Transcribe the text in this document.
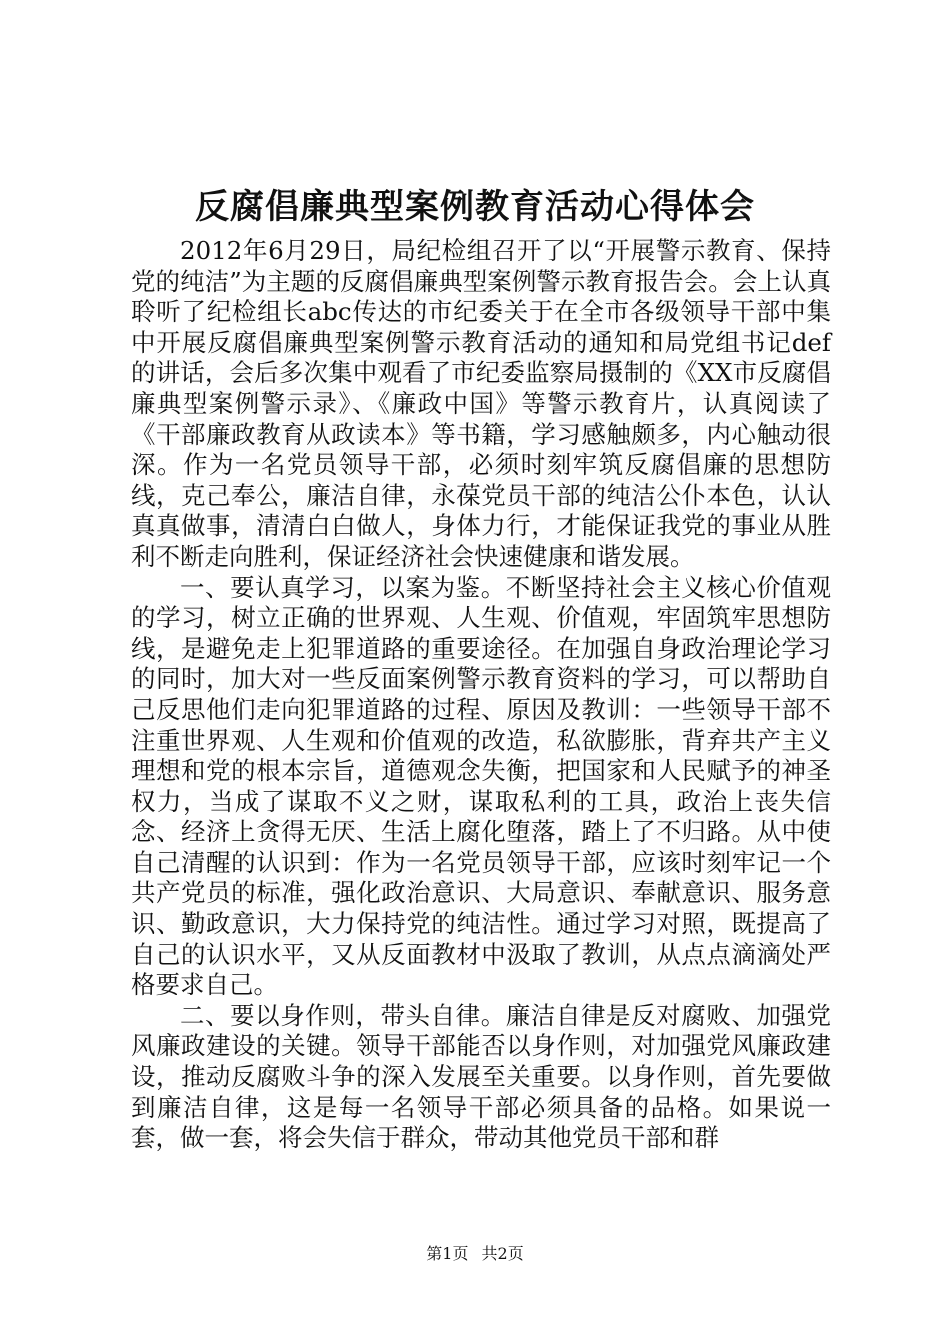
反腐倡廉典型案例教育活动心得体会

2012年6月29日，局纪检组召开了以“开展警示教育、保持党的纯洁”为主题的反腐倡廉典型案例警示教育报告会。会上认真聆听了纪检组长abc传达的市纪委关于在全市各级领导干部中集中开展反腐倡廉典型案例警示教育活动的通知和局党组书记def的讲话，会后多次集中观看了市纪委监察局摄制的《XX市反腐倡廉典型案例警示录》、《廉政中国》等警示教育片，认真阅读了《干部廉政教育从政读本》等书籍，学习感触颇多，内心触动很深。作为一名党员领导干部，必须时刻牢筑反腐倡廉的思想防线，克己奉公，廉洁自律，永葆党员干部的纯洁公仆本色，认认真真做事，清清白白做人，身体力行，才能保证我党的事业从胜利不断走向胜利，保证经济社会快速健康和谐发展。

一、要认真学习，以案为鉴。不断坚持社会主义核心价值观的学习，树立正确的世界观、人生观、价值观，牢固筑牢思想防线，是避免走上犯罪道路的重要途径。在加强自身政治理论学习的同时，加大对一些反面案例警示教育资料的学习，可以帮助自己反思他们走向犯罪道路的过程、原因及教训：一些领导干部不注重世界观、人生观和价值观的改造，私欲膨胀，背弃共产主义理想和党的根本宗旨，道德观念失衡，把国家和人民赋予的神圣权力，当成了谋取不义之财，谋取私利的工具，政治上丧失信念、经济上贪得无厌、生活上腐化堕落，踏上了不归路。从中使自己清醒的认识到：作为一名党员领导干部，应该时刻牢记一个共产党员的标准，强化政治意识、大局意识、奉献意识、服务意识、勤政意识，大力保持党的纯洁性。通过学习对照，既提高了自己的认识水平，又从反面教材中汲取了教训，从点点滴滴处严格要求自己。

二、要以身作则，带头自律。廉洁自律是反对腐败、加强党风廉政建设的关键。领导干部能否以身作则，对加强党风廉政建设，推动反腐败斗争的深入发展至关重要。以身作则，首先要做到廉洁自律，这是每一名领导干部必须具备的品格。如果说一套，做一套，将会失信于群众，带动其他党员干部和群

第1页 共2页
